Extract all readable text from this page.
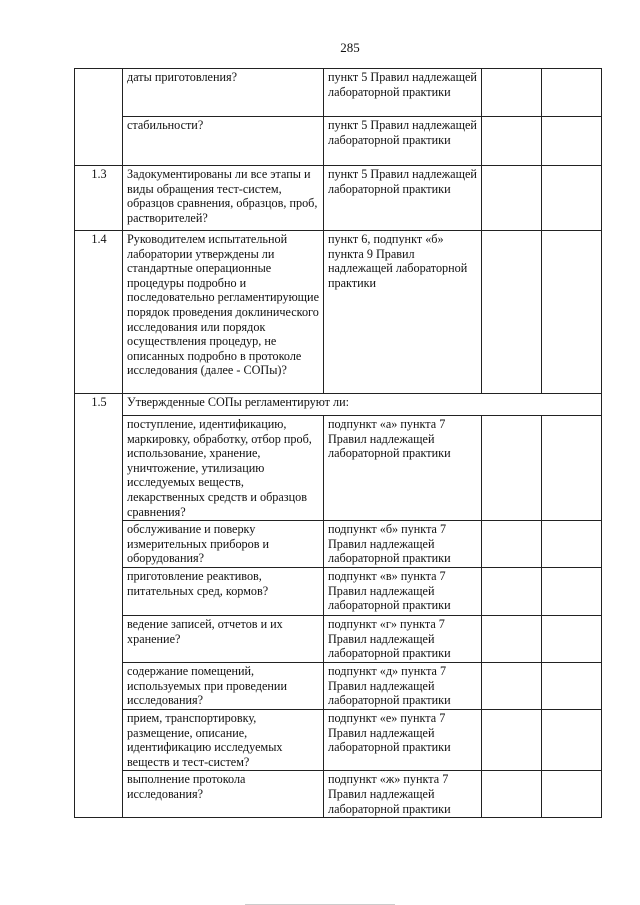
285
	даты приготовления?	пункт 5 Правил надлежащей лабораторной практики		
	стабильности?	пункт 5 Правил надлежащей лабораторной практики		
1.3	Задокументированы ли все этапы и виды обращения тест-систем, образцов сравнения, образцов, проб, растворителей?	пункт 5 Правил надлежащей лабораторной практики		
1.4	Руководителем испытательной лаборатории утверждены ли стандартные операционные процедуры подробно и последовательно регламентирующие порядок проведения доклинического исследования или порядок осуществления процедур, не описанных подробно в протоколе исследования (далее - СОПы)?	пункт 6, подпункт «б» пункта 9 Правил надлежащей лабораторной практики		
1.5	Утвержденные СОПы регламентируют ли:			
	поступление, идентификацию, маркировку, обработку, отбор проб, использование, хранение, уничтожение, утилизацию исследуемых веществ, лекарственных средств и образцов сравнения?	подпункт «а» пункта 7 Правил надлежащей лабораторной практики		
	обслуживание и поверку измерительных приборов и оборудования?	подпункт «б» пункта 7 Правил надлежащей лабораторной практики		
	приготовление реактивов, питательных сред, кормов?	подпункт «в» пункта 7 Правил надлежащей лабораторной практики		
	ведение записей, отчетов и их хранение?	подпункт «г» пункта 7 Правил надлежащей лабораторной практики		
	содержание помещений, используемых при проведении исследования?	подпункт «д» пункта 7 Правил надлежащей лабораторной практики		
	прием, транспортировку, размещение, описание, идентификацию исследуемых веществ и тест-систем?	подпункт «е» пункта 7 Правил надлежащей лабораторной практики		
	выполнение протокола исследования?	подпункт «ж» пункта 7 Правил надлежащей лабораторной практики		
